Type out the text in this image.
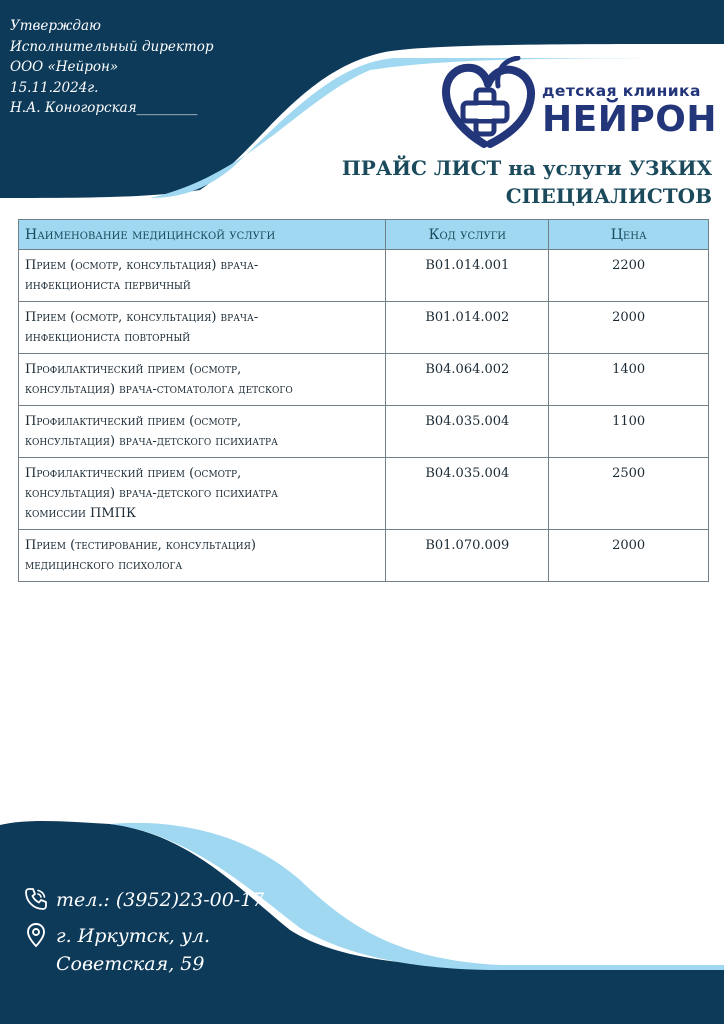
Утверждаю
Исполнительный директор
ООО «Нейрон»
15.11.2024г.
Н.А. Коногорская_________
детская клиника
НЕЙРОН
ПРАЙС ЛИСТ на услуги УЗКИХ
СПЕЦИАЛИСТОВ
Наименование медицинской услуги	Код услуги	Цена

Прием (осмотр, консультация) врача-
инфекциониста первичный	В01.014.001	2200

Прием (осмотр, консультация) врача-
инфекциониста повторный	В01.014.002	2000

Профилактический прием (осмотр,
консультация) врача-стоматолога детского	В04.064.002	1400

Профилактический прием (осмотр,
консультация) врача-детского психиатра	В04.035.004	1100

Профилактический прием (осмотр,
консультация) врача-детского психиатра
комиссии ПМПК	В04.035.004	2500

Прием (тестирование, консультация)
медицинского психолога	В01.070.009	2000
тел.: (3952)23-00-17
г. Иркутск, ул.
Советская, 59
